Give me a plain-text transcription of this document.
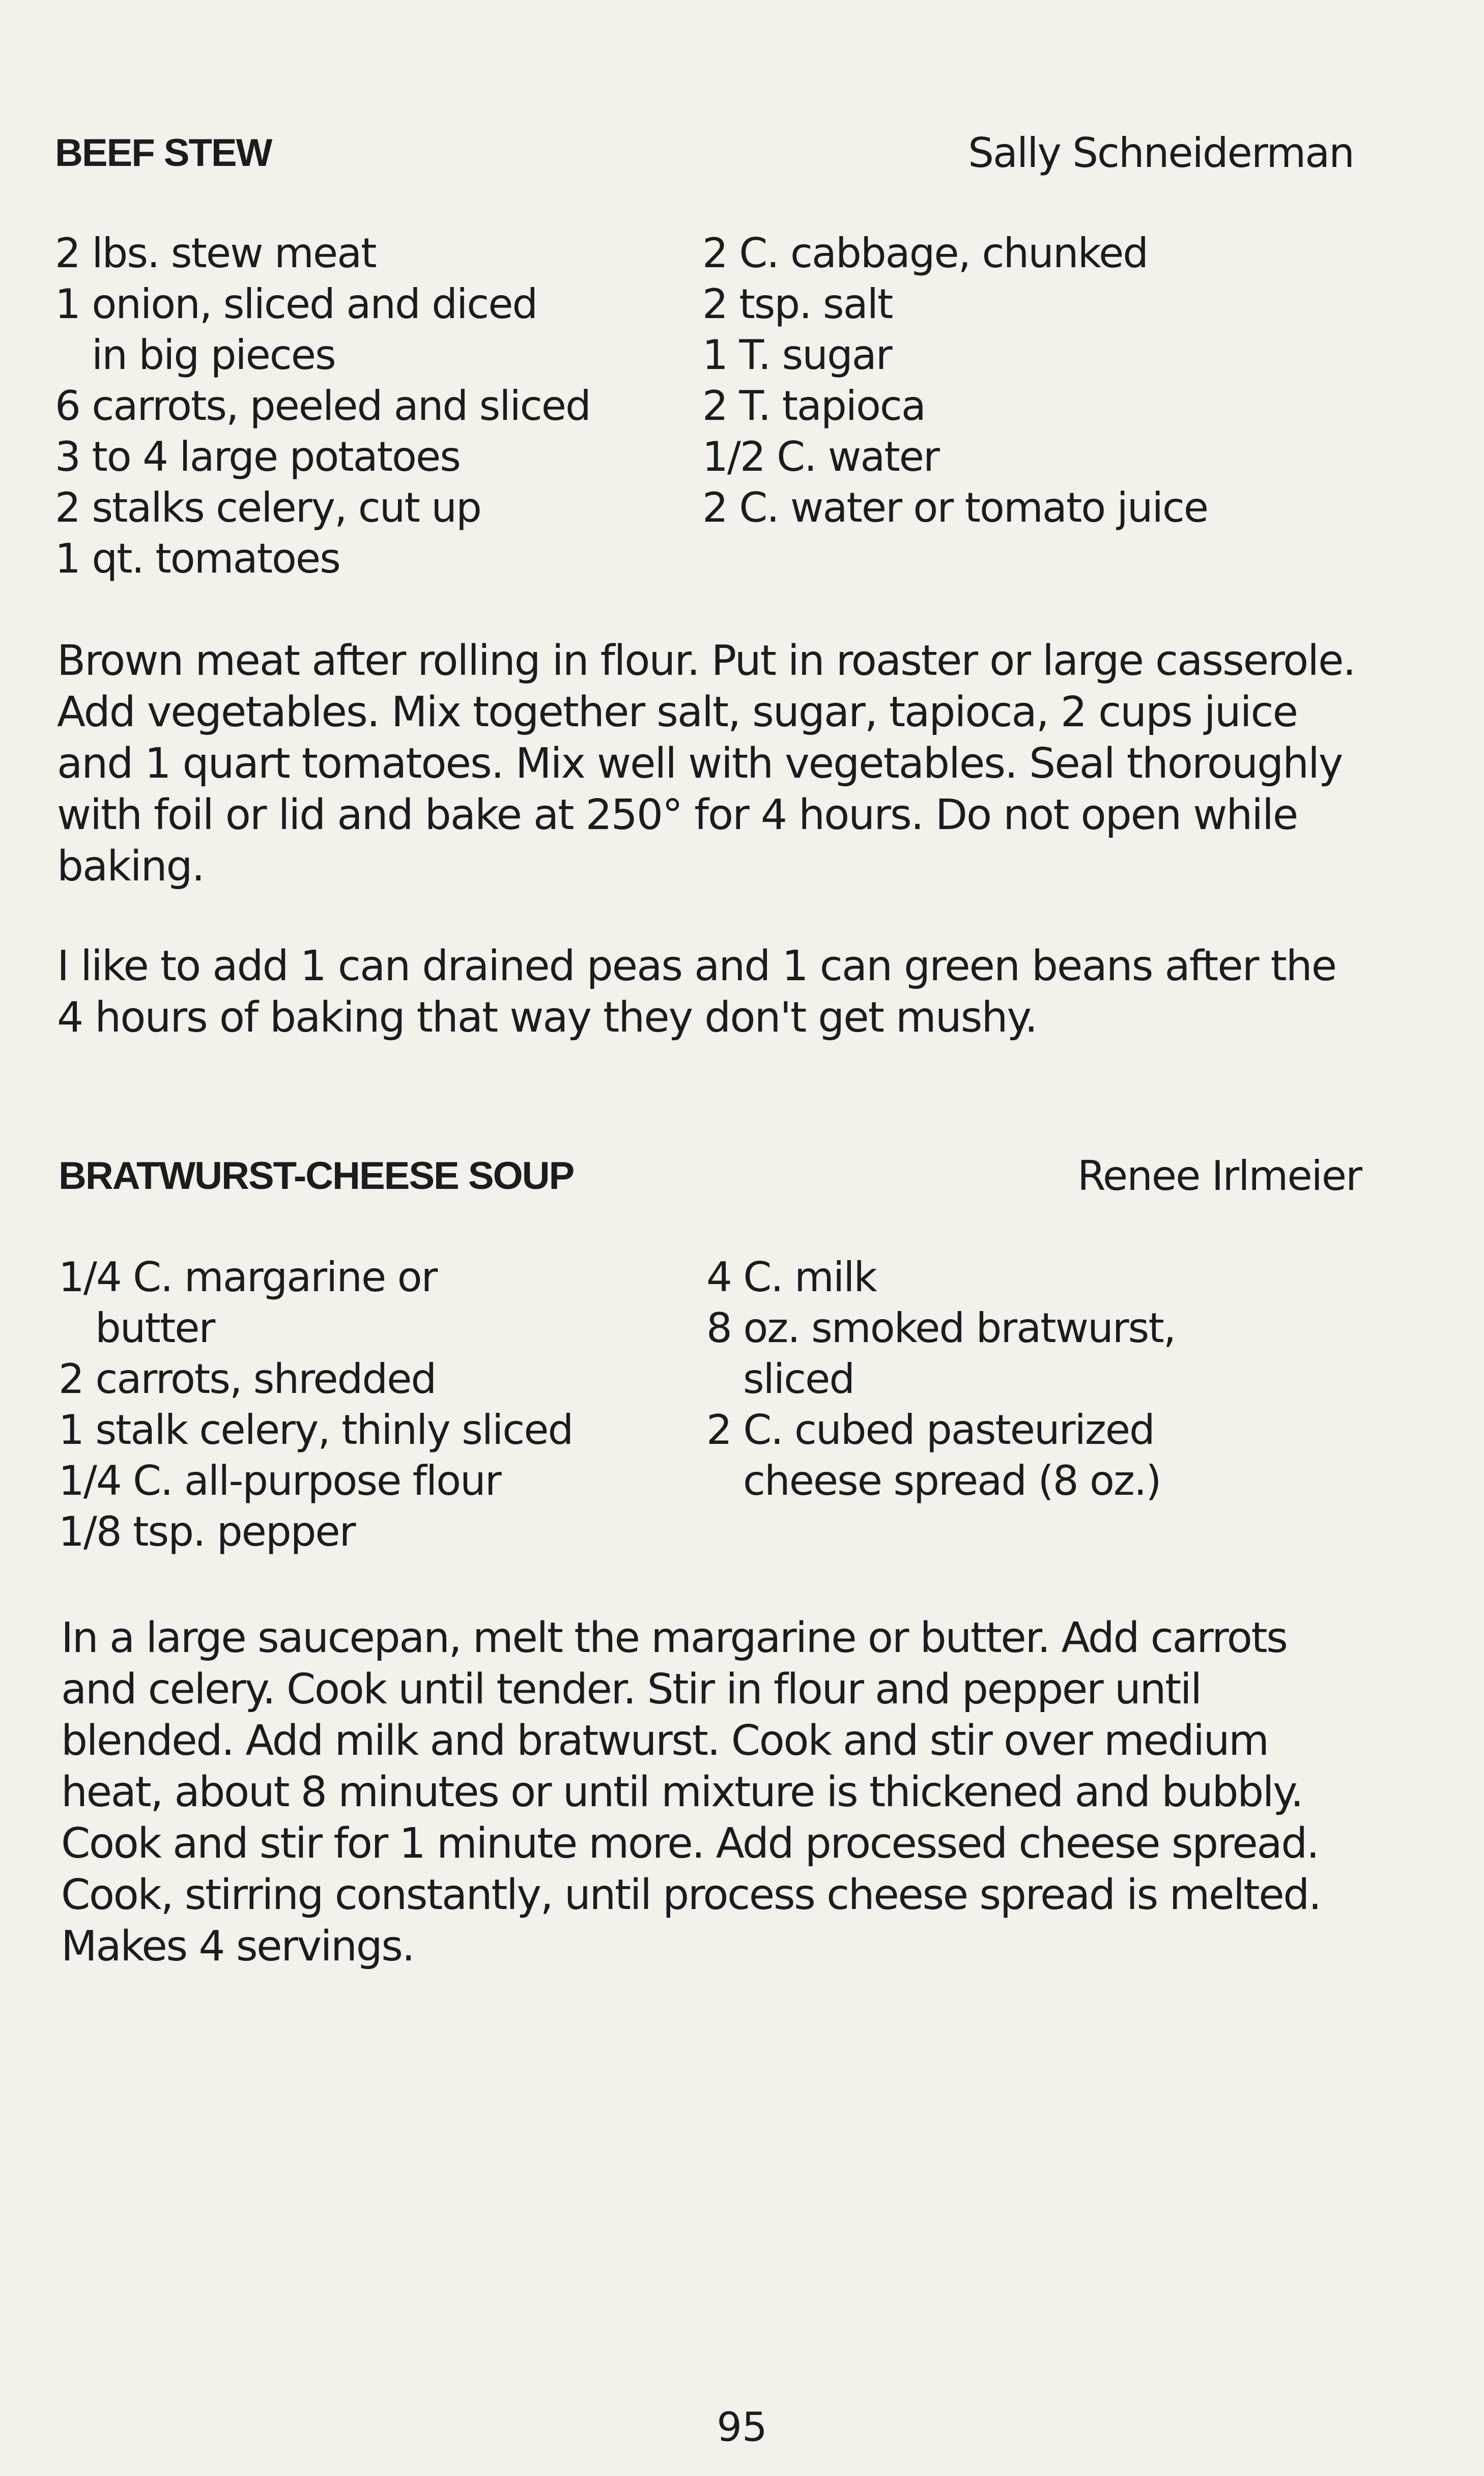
BEEF STEW	Sally Schneiderman
2 lbs. stew meat
1 onion, sliced and diced
in big pieces
6 carrots, peeled and sliced
3 to 4 large potatoes
2 stalks celery, cut up
1 qt. tomatoes
2 C. cabbage, chunked
2 tsp. salt
1 T. sugar
2 T. tapioca
1/2 C. water
2 C. water or tomato juice

Brown meat after rolling in flour. Put in roaster or large casserole. Add vegetables. Mix together salt, sugar, tapioca, 2 cups juice and 1 quart tomatoes. Mix well with vegetables. Seal thoroughly with foil or lid and bake at 250° for 4 hours. Do not open while baking.

I like to add 1 can drained peas and 1 can green beans after the 4 hours of baking that way they don't get mushy.

BRATWURST-CHEESE SOUP	Renee Irlmeier
1/4 C. margarine or
butter
2 carrots, shredded
1 stalk celery, thinly sliced
1/4 C. all-purpose flour
1/8 tsp. pepper
4 C. milk
8 oz. smoked bratwurst,
sliced
2 C. cubed pasteurized
cheese spread (8 oz.)

In a large saucepan, melt the margarine or butter. Add carrots and celery. Cook until tender. Stir in flour and pepper until blended. Add milk and bratwurst. Cook and stir over medium heat, about 8 minutes or until mixture is thickened and bubbly. Cook and stir for 1 minute more. Add processed cheese spread. Cook, stirring constantly, until process cheese spread is melted. Makes 4 servings.

95
